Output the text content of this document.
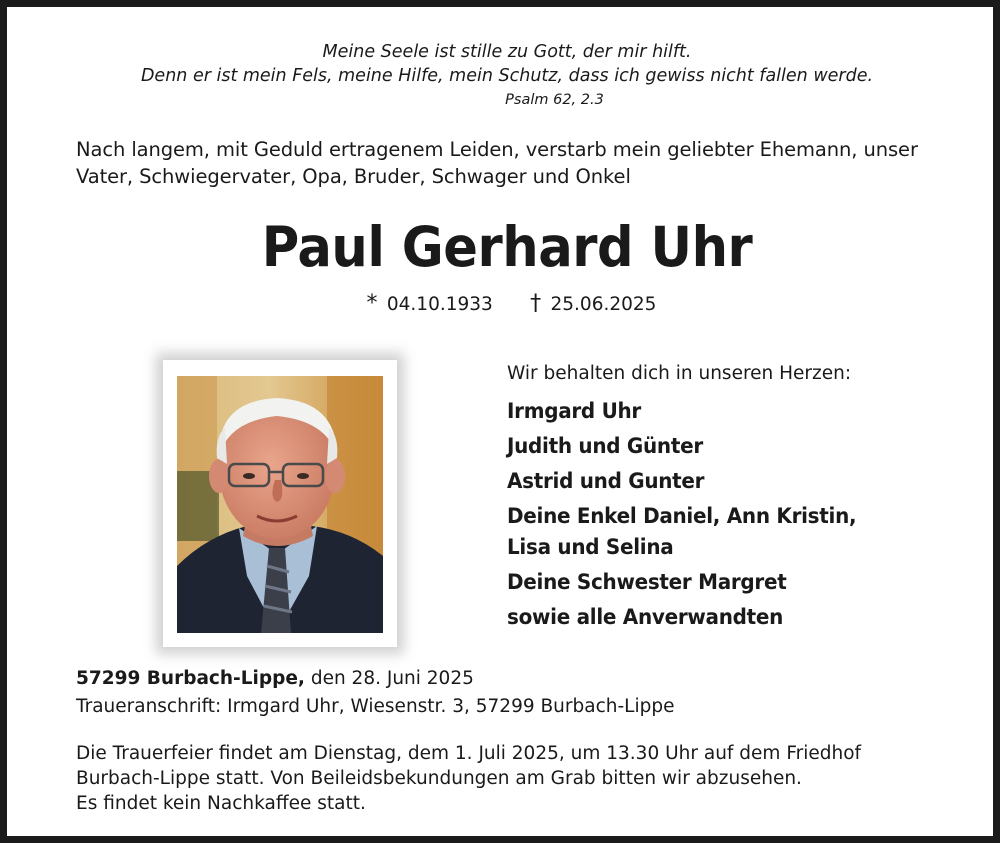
Meine Seele ist stille zu Gott, der mir hilft.
Denn er ist mein Fels, meine Hilfe, mein Schutz, dass ich gewiss nicht fallen werde.
Psalm 62, 2.3
Nach langem, mit Geduld ertragenem Leiden, verstarb mein geliebter Ehemann, unser
Vater, Schwiegervater, Opa, Bruder, Schwager und Onkel
Paul Gerhard Uhr
* 04.10.1933 † 25.06.2025
Wir behalten dich in unseren Herzen:
Irmgard Uhr
Judith und Günter
Astrid und Gunter
Deine Enkel Daniel, Ann Kristin,
Lisa und Selina
Deine Schwester Margret
sowie alle Anverwandten
57299 Burbach-Lippe, den 28. Juni 2025
Traueranschrift: Irmgard Uhr, Wiesenstr. 3, 57299 Burbach-Lippe
Die Trauerfeier findet am Dienstag, dem 1. Juli 2025, um 13.30 Uhr auf dem Friedhof
Burbach-Lippe statt. Von Beileidsbekundungen am Grab bitten wir abzusehen.
Es findet kein Nachkaffee statt.
